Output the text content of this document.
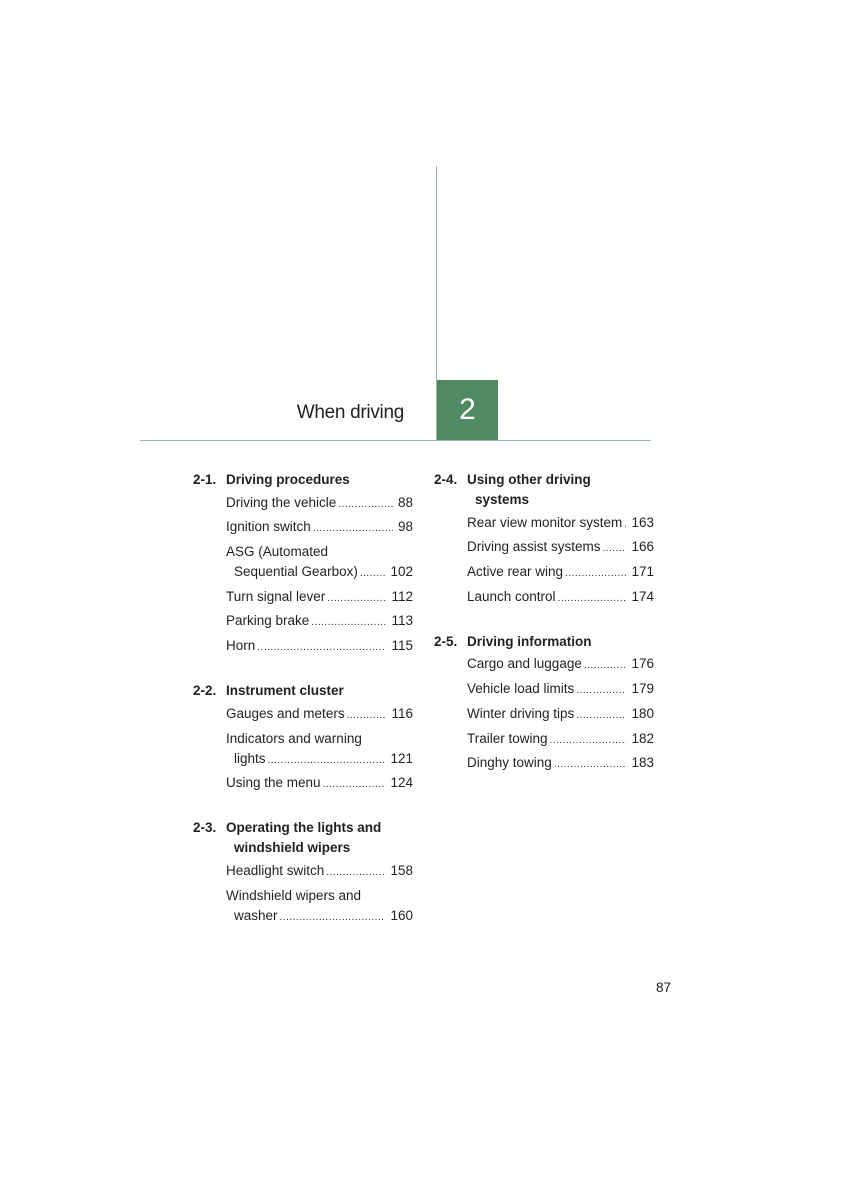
When driving 2
2-1. Driving procedures
Driving the vehicle .....	88
Ignition switch .....	98
ASG (Automated
Sequential Gearbox) ..... 102
Turn signal lever .....	112
Parking brake .....	113
Horn .....	115
2-2. Instrument cluster
Gauges and meters .....	116
Indicators and warning
lights .....	121
Using the menu .....	124
2-3. Operating the lights and
windshield wipers
Headlight switch .....	158
Windshield wipers and
washer .....	160
2-4. Using other driving
systems
Rear view monitor system ..... 163
Driving assist systems ..... 166
Active rear wing .....	171
Launch control .....	174
2-5. Driving information
Cargo and luggage .....	176
Vehicle load limits .....	179
Winter driving tips .....	180
Trailer towing .....	182
Dinghy towing .....	183
87
